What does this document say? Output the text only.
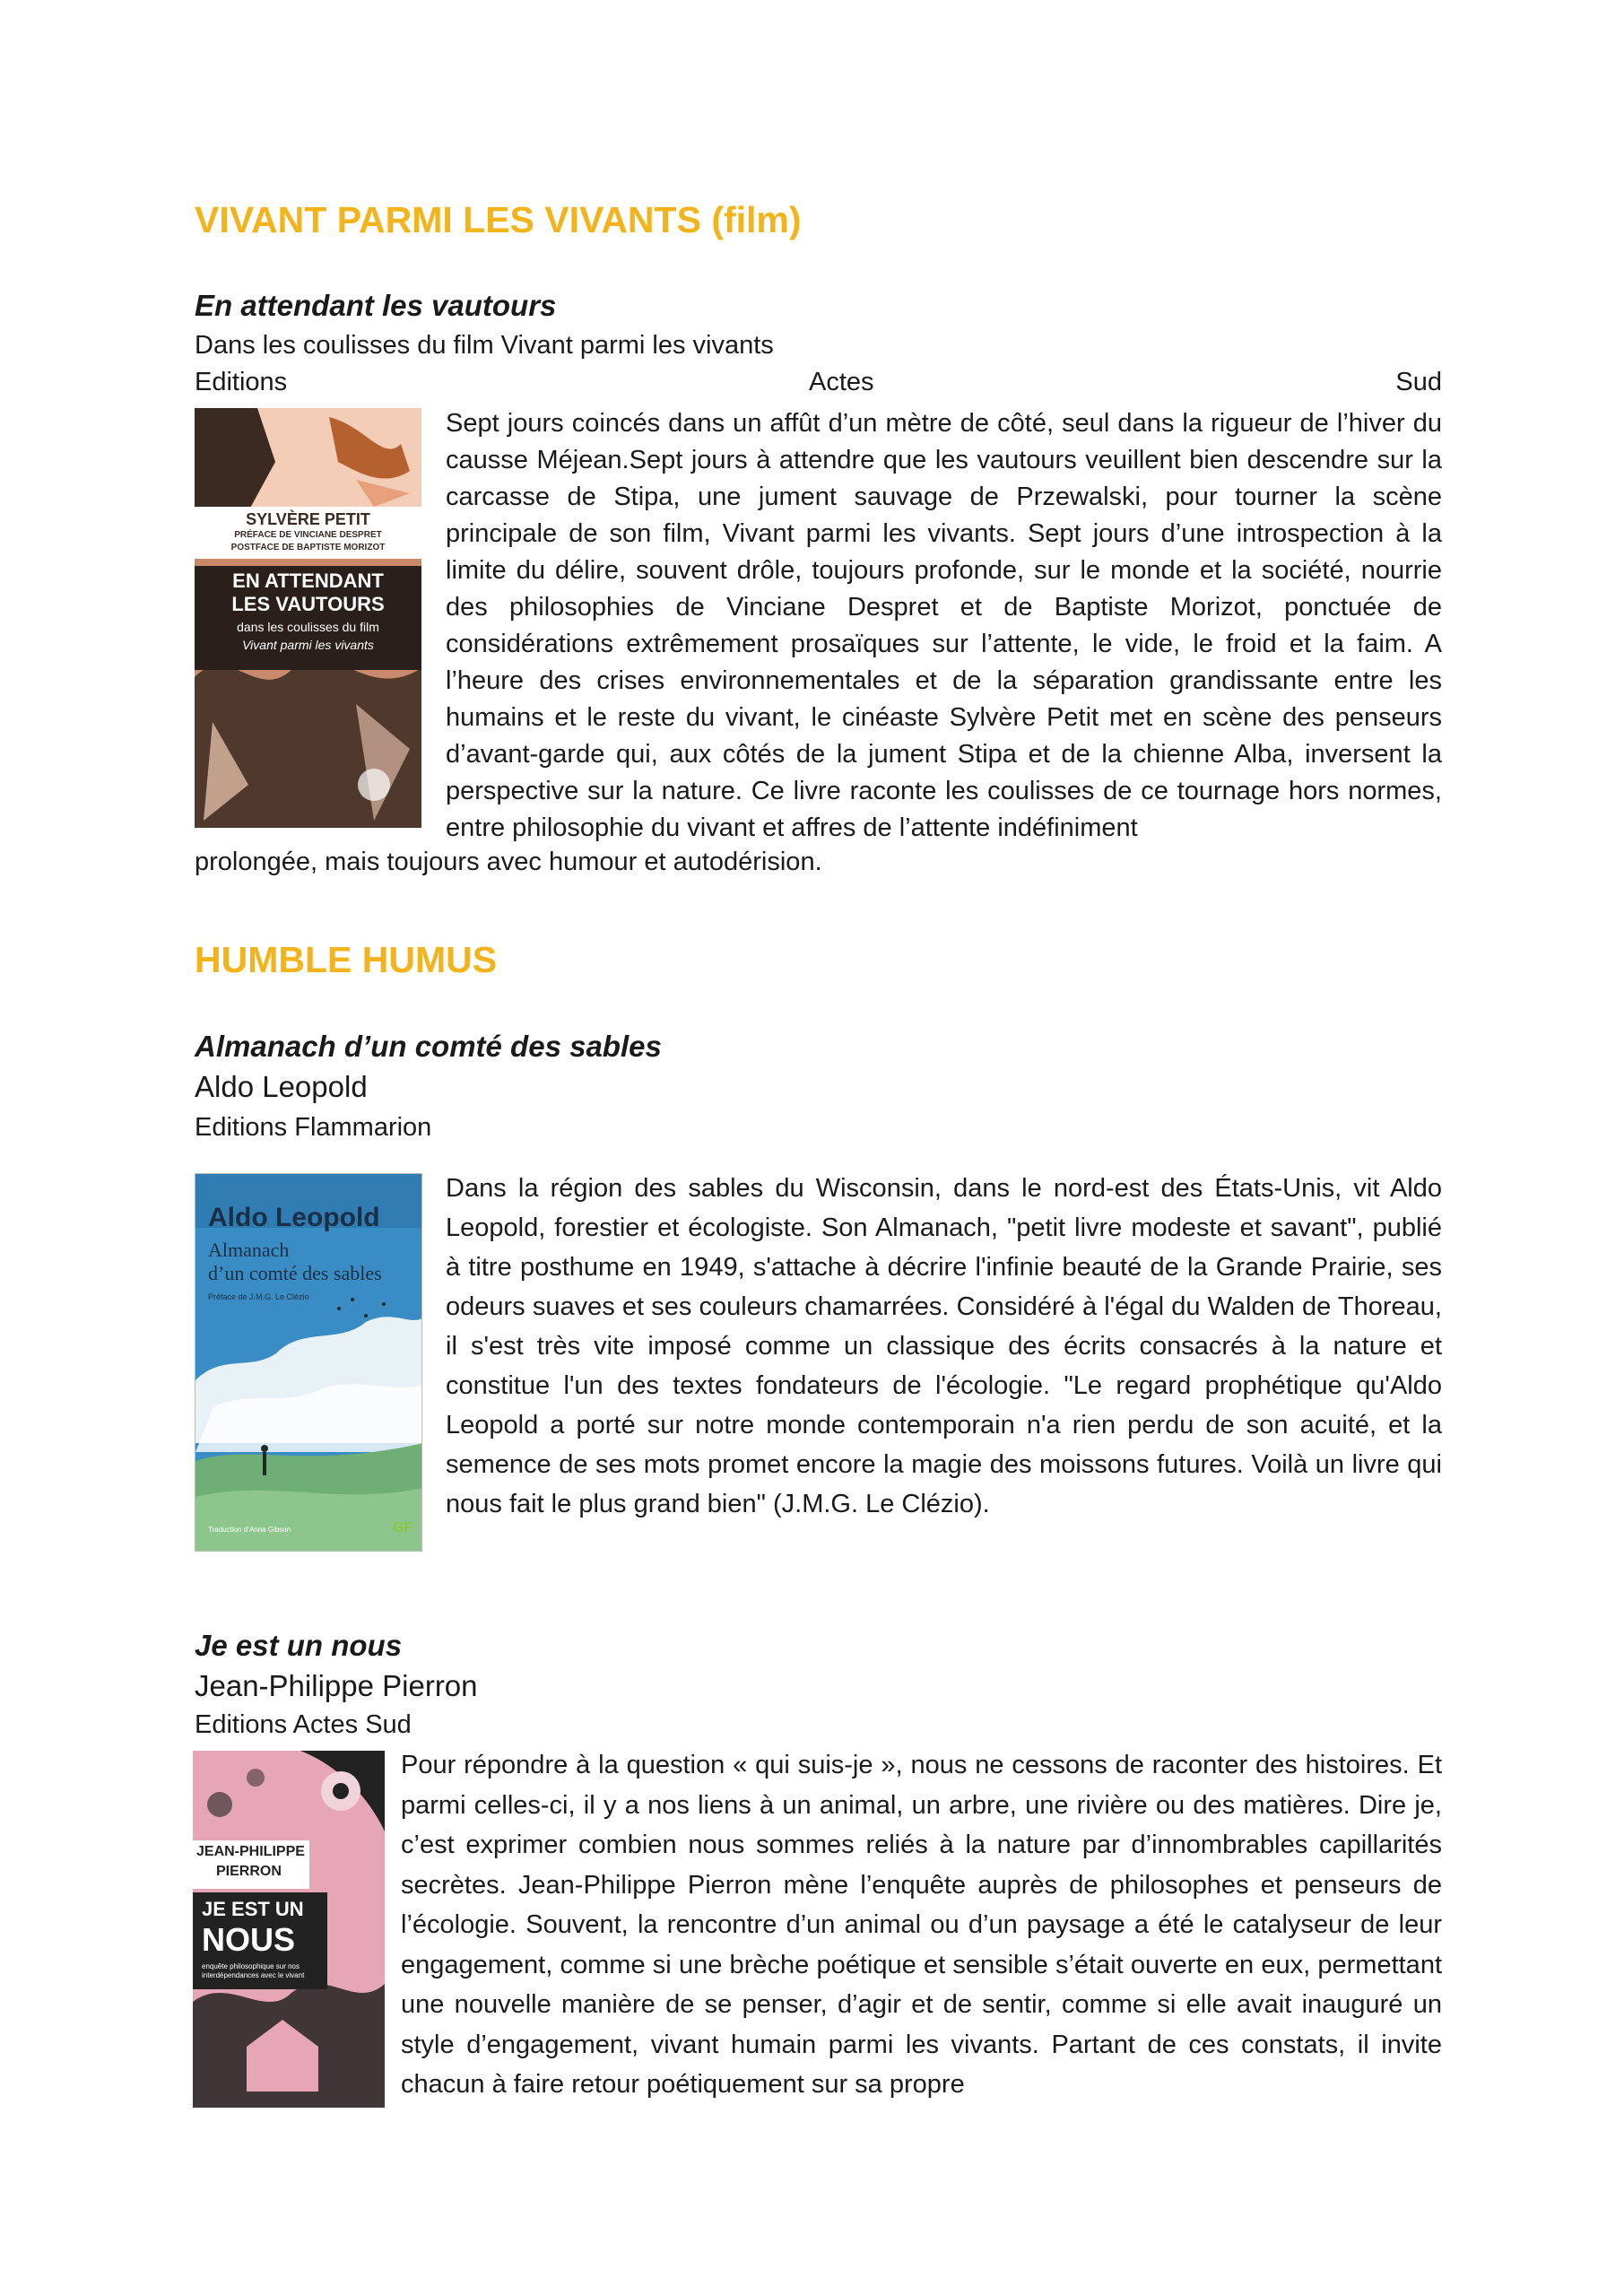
VIVANT PARMI LES VIVANTS (film)
En attendant les vautours
Dans les coulisses du film Vivant parmi les vivants
Editions	Actes	Sud
SYLVÈRE PETIT
PRÉFACE DE VINCIANE DESPRET
POSTFACE DE BAPTISTE MORIZOT
EN ATTENDANT
LES VAUTOURS
dans les coulisses du film
Vivant parmi les vivants

Sept jours coincés dans un affût d’un mètre de côté, seul dans la rigueur de l’hiver du causse Méjean.Sept jours à attendre que les vautours veuillent bien descendre sur la carcasse de Stipa, une jument sauvage de Przewalski, pour tourner la scène principale de son film, Vivant parmi les vivants. Sept jours d’une introspection à la limite du délire, souvent drôle, toujours profonde, sur le monde et la société, nourrie des philosophies de Vinciane Despret et de Baptiste Morizot, ponctuée de considérations extrêmement prosaïques sur l’attente, le vide, le froid et la faim. A l’heure des crises environnementales et de la séparation grandissante entre les humains et le reste du vivant, le cinéaste Sylvère Petit met en scène des penseurs d’avant-garde qui, aux côtés de la jument Stipa et de la chienne Alba, inversent la perspective sur la nature. Ce livre raconte les coulisses de ce tournage hors normes, entre philosophie du vivant et affres de l’attente indéfiniment

prolongée, mais toujours avec humour et autodérision.
HUMBLE HUMUS
Almanach d’un comté des sables
Aldo Leopold
Editions Flammarion
Aldo Leopold
Almanach
d’un comté des sables
Préface de J.M.G. Le Clézio
Traduction d’Anna Gibson	GF

Dans la région des sables du Wisconsin, dans le nord-est des États-Unis, vit Aldo Leopold, forestier et écologiste. Son Almanach, "petit livre modeste et savant", publié à titre posthume en 1949, s'attache à décrire l'infinie beauté de la Grande Prairie, ses odeurs suaves et ses couleurs chamarrées. Considéré à l'égal du Walden de Thoreau, il s'est très vite imposé comme un classique des écrits consacrés à la nature et constitue l'un des textes fondateurs de l'écologie. "Le regard prophétique qu'Aldo Leopold a porté sur notre monde contemporain n'a rien perdu de son acuité, et la semence de ses mots promet encore la magie des moissons futures. Voilà un livre qui nous fait le plus grand bien" (J.M.G. Le Clézio).

Je est un nous
Jean-Philippe Pierron
Editions Actes Sud
JEAN-PHILIPPE
PIERRON
JE EST UN
NOUS
enquête philosophique sur nos interdépendances avec le vivant

Pour répondre à la question « qui suis-je », nous ne cessons de raconter des histoires. Et parmi celles-ci, il y a nos liens à un animal, un arbre, une rivière ou des matières. Dire je, c’est exprimer combien nous sommes reliés à la nature par d’innombrables capillarités secrètes. Jean-Philippe Pierron mène l’enquête auprès de philosophes et penseurs de l’écologie. Souvent, la rencontre d’un animal ou d’un paysage a été le catalyseur de leur engagement, comme si une brèche poétique et sensible s’était ouverte en eux, permettant une nouvelle manière de se penser, d’agir et de sentir, comme si elle avait inauguré un style d’engagement, vivant humain parmi les vivants. Partant de ces constats, il invite chacun à faire retour poétiquement sur sa propre
